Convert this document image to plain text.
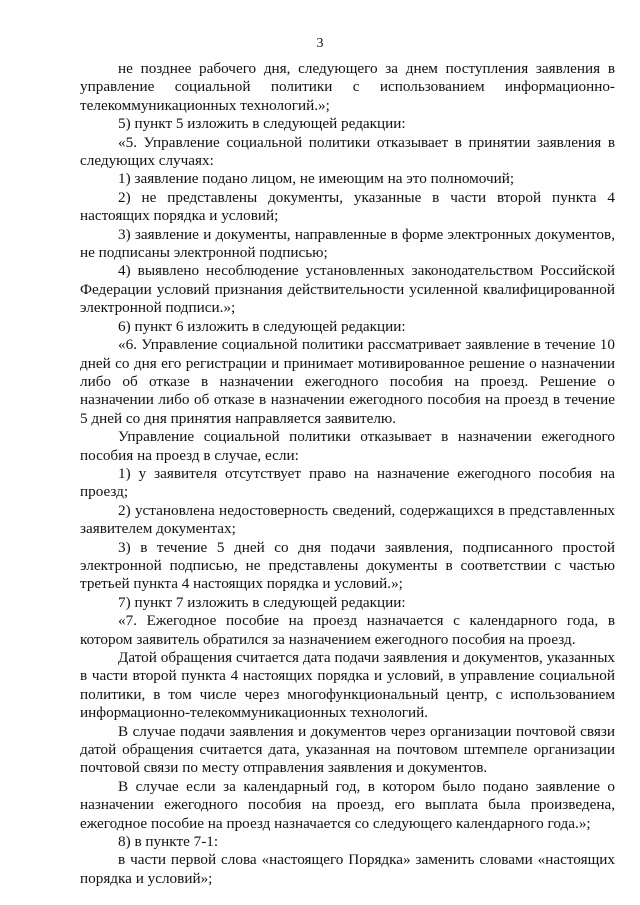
3

не позднее рабочего дня, следующего за днем поступления заявления в управление социальной политики с использованием информационно-телекоммуникационных технологий.»;

5) пункт 5 изложить в следующей редакции:

«5. Управление социальной политики отказывает в принятии заявления в следующих случаях:

1) заявление подано лицом, не имеющим на это полномочий;

2) не представлены документы, указанные в части второй пункта 4 настоящих порядка и условий;

3) заявление и документы, направленные в форме электронных документов, не подписаны электронной подписью;

4) выявлено несоблюдение установленных законодательством Российской Федерации условий признания действительности усиленной квалифицированной электронной подписи.»;

6) пункт 6 изложить в следующей редакции:

«6. Управление социальной политики рассматривает заявление в течение 10 дней со дня его регистрации и принимает мотивированное решение о назначении либо об отказе в назначении ежегодного пособия на проезд. Решение о назначении либо об отказе в назначении ежегодного пособия на проезд в течение 5 дней со дня принятия направляется заявителю.

Управление социальной политики отказывает в назначении ежегодного пособия на проезд в случае, если:

1) у заявителя отсутствует право на назначение ежегодного пособия на проезд;

2) установлена недостоверность сведений, содержащихся в представленных заявителем документах;

3) в течение 5 дней со дня подачи заявления, подписанного простой электронной подписью, не представлены документы в соответствии с частью третьей пункта 4 настоящих порядка и условий.»;

7) пункт 7 изложить в следующей редакции:

«7. Ежегодное пособие на проезд назначается с календарного года, в котором заявитель обратился за назначением ежегодного пособия на проезд.

Датой обращения считается дата подачи заявления и документов, указанных в части второй пункта 4 настоящих порядка и условий, в управление социальной политики, в том числе через многофункциональный центр, с использованием информационно-телекоммуникационных технологий.

В случае подачи заявления и документов через организации почтовой связи датой обращения считается дата, указанная на почтовом штемпеле организации почтовой связи по месту отправления заявления и документов.

В случае если за календарный год, в котором было подано заявление о назначении ежегодного пособия на проезд, его выплата была произведена, ежегодное пособие на проезд назначается со следующего календарного года.»;

8) в пункте 7-1:

в части первой слова «настоящего Порядка» заменить словами «настоящих порядка и условий»;
